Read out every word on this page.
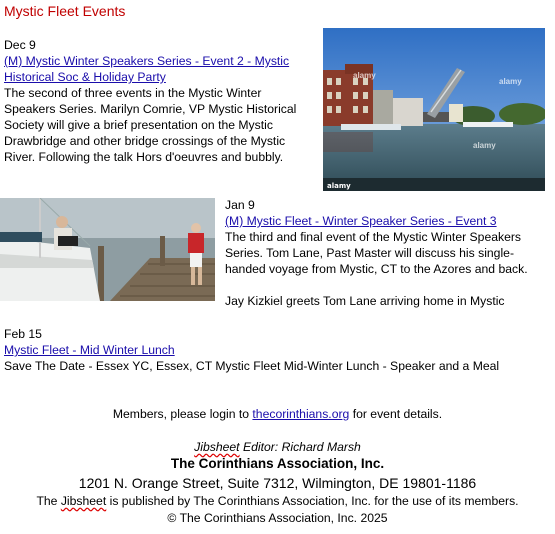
Mystic Fleet Events
Dec 9
(M) Mystic Winter Speakers Series - Event 2 - Mystic Historical Soc & Holiday Party
The second of three events in the Mystic Winter Speakers Series. Marilyn Comrie, VP Mystic Historical Society will give a brief presentation on the Mystic Drawbridge and other bridge crossings of the Mystic River. Following the talk Hors d'oeuvres and bubbly.
alamy
alamy
alamy
alamy
Jan 9
(M) Mystic Fleet - Winter Speaker Series - Event 3
The third and final event of the Mystic Winter Speakers Series. Tom Lane, Past Master will discuss his single-handed voyage from Mystic, CT to the Azores and back.
Jay Kizkiel greets Tom Lane arriving home in Mystic
Feb 15
Mystic Fleet - Mid Winter Lunch
Save The Date - Essex YC, Essex, CT Mystic Fleet Mid-Winter Lunch - Speaker and a Meal
Members, please login to thecorinthians.org for event details.
Jibsheet Editor: Richard Marsh
The Corinthians Association, Inc.
1201 N. Orange Street, Suite 7312, Wilmington, DE 19801-1186
The Jibsheet is published by The Corinthians Association, Inc. for the use of its members.
© The Corinthians Association, Inc. 2025
